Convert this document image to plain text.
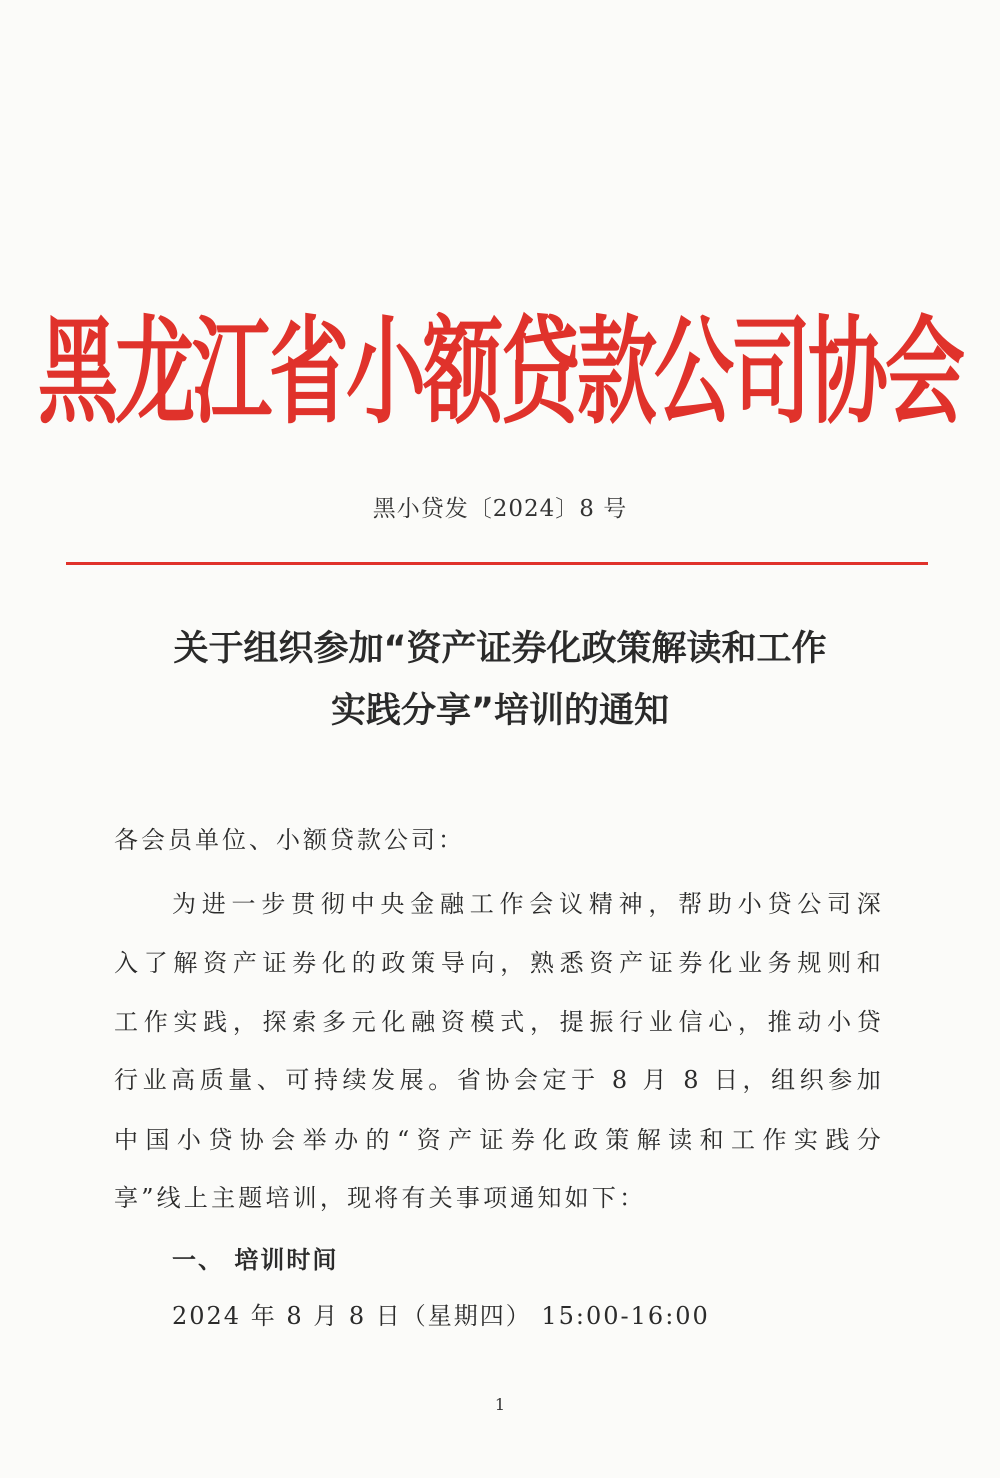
黑龙江省小额贷款公司协会
黑小贷发〔2024〕8 号
关于组织参加“资产证券化政策解读和工作
实践分享”培训的通知
各会员单位、小额贷款公司：
为进一步贯彻中央金融工作会议精神，帮助小贷公司深
入了解资产证券化的政策导向，熟悉资产证券化业务规则和
工作实践，探索多元化融资模式，提振行业信心，推动小贷
行业高质量、可持续发展。省协会定于 8 月 8 日，组织参加
中国小贷协会举办的“资产证券化政策解读和工作实践分
享”线上主题培训，现将有关事项通知如下：
一、 培训时间
2024 年 8 月 8 日（星期四） 15:00-16:00
1
